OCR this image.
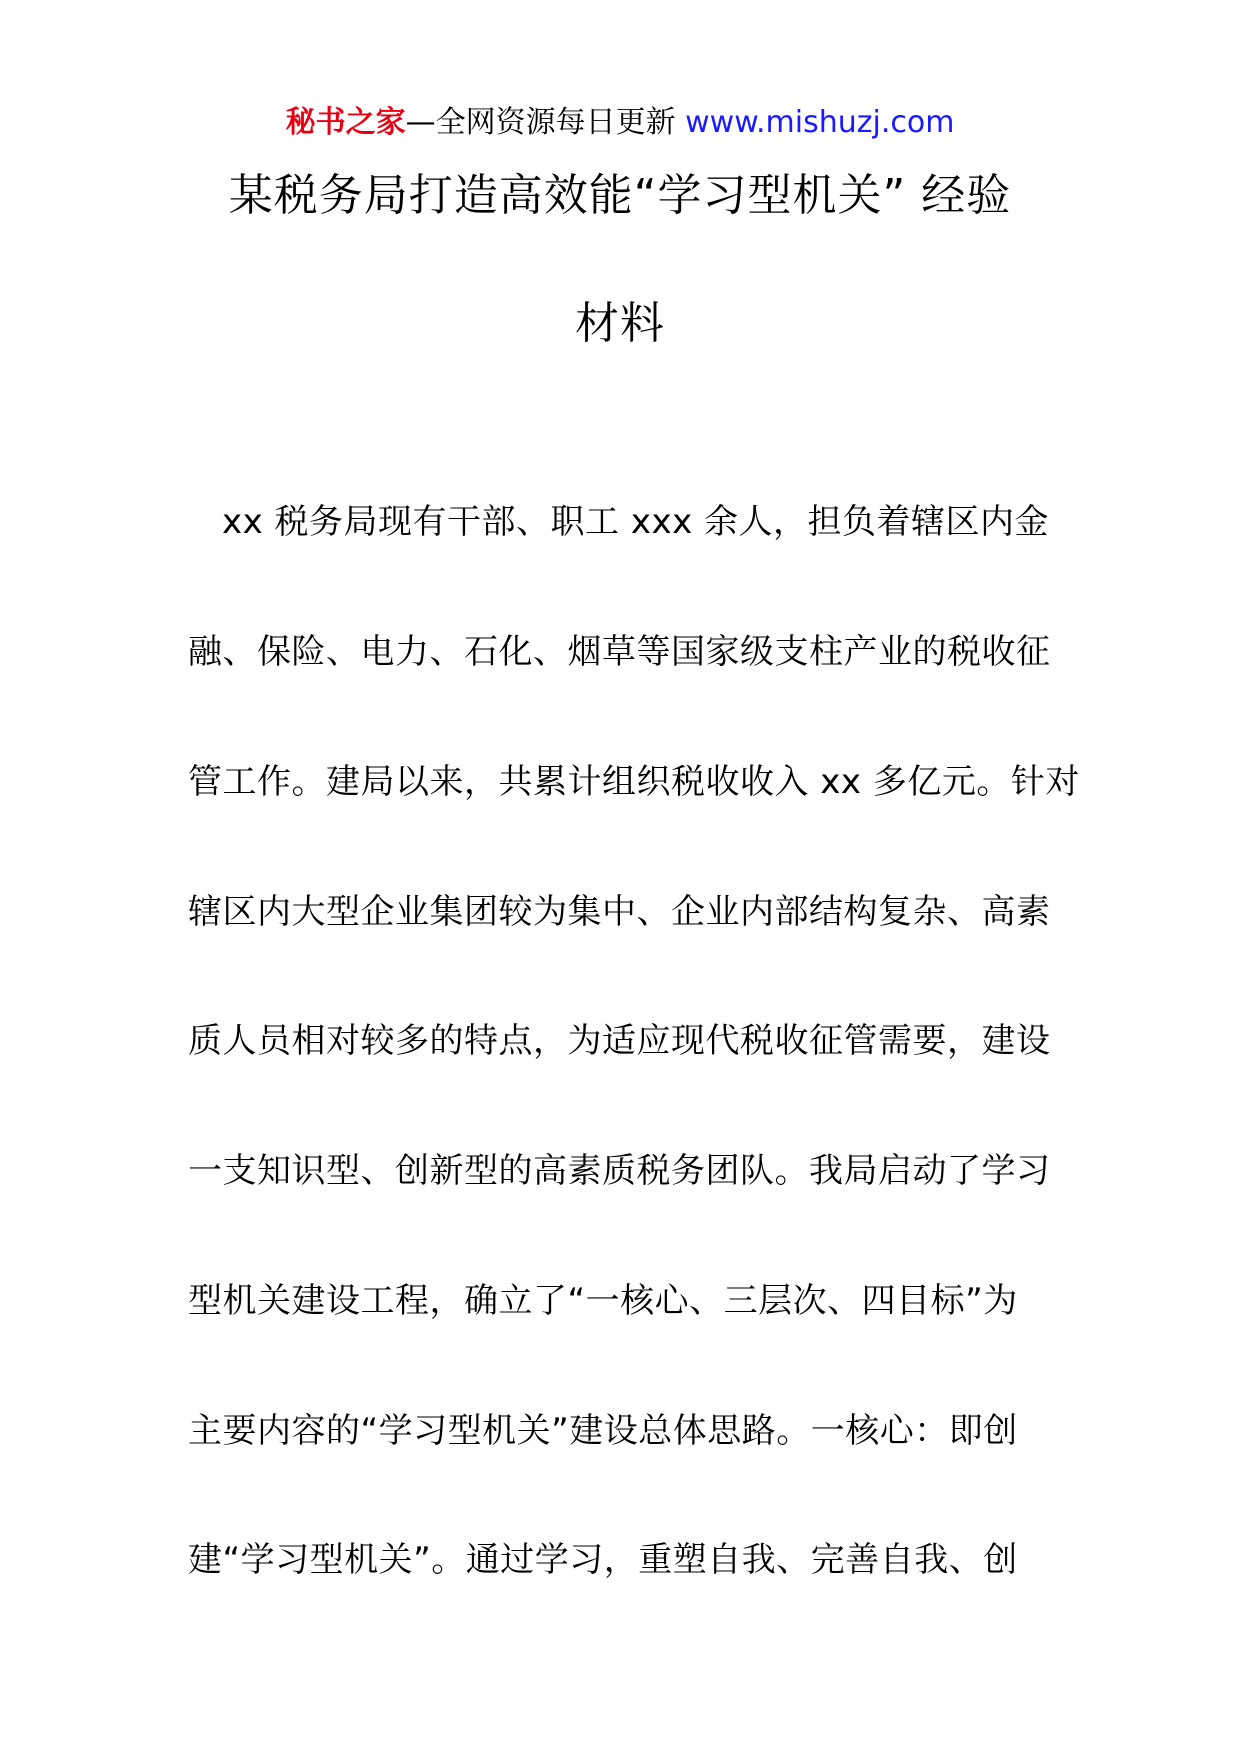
秘书之家—全网资源每日更新 www.mishuzj.com
某税务局打造高效能“学习型机关” 经验
材料
xx 税务局现有干部、职工 xxx 余人，担负着辖区内金
融、保险、电力、石化、烟草等国家级支柱产业的税收征
管工作。建局以来，共累计组织税收收入 xx 多亿元。针对
辖区内大型企业集团较为集中、企业内部结构复杂、高素
质人员相对较多的特点，为适应现代税收征管需要，建设
一支知识型、创新型的高素质税务团队。我局启动了学习
型机关建设工程，确立了“一核心、三层次、四目标”为
主要内容的“学习型机关”建设总体思路。一核心：即创
建“学习型机关”。通过学习，重塑自我、完善自我、创
